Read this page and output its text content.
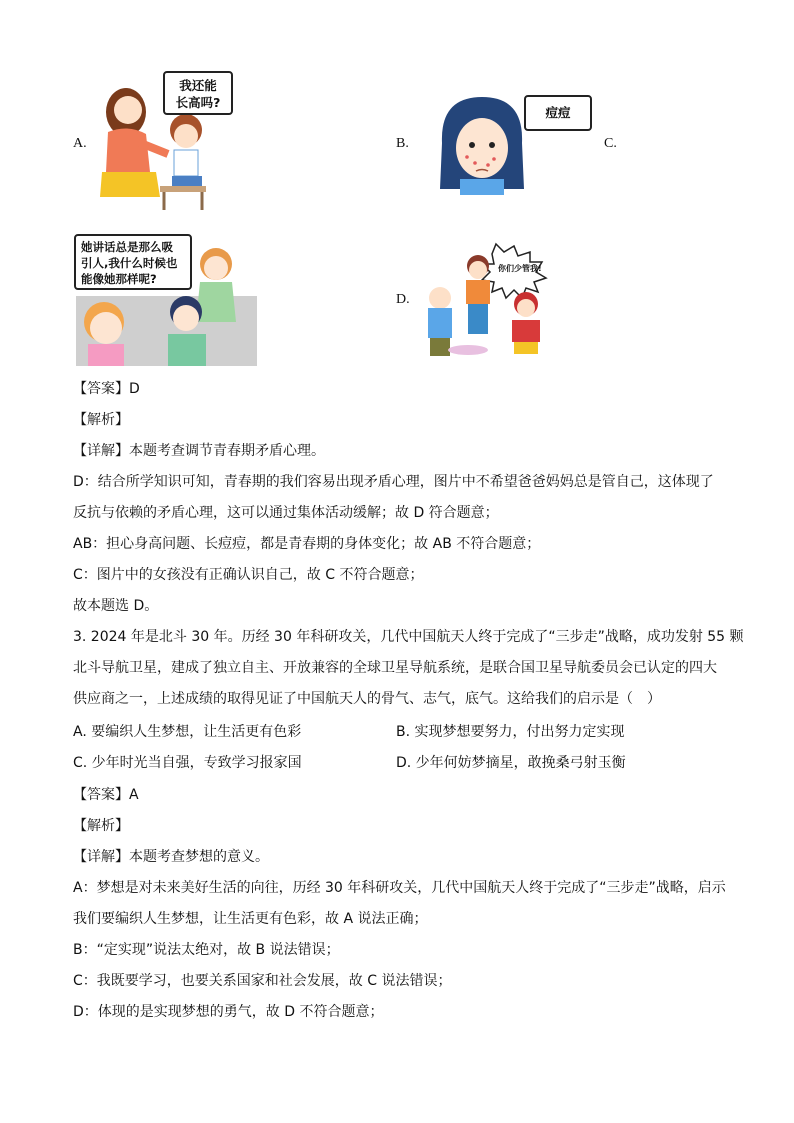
A.	B.	C.
我还能
长高吗?
痘痘
她讲话总是那么吸
引人,我什么时候也
能像她那样呢?
D.
你们少管我!
【答案】D
【解析】
【详解】本题考查调节青春期矛盾心理。
D：结合所学知识可知，青春期的我们容易出现矛盾心理，图片中不希望爸爸妈妈总是管自己，这体现了
反抗与依赖的矛盾心理，这可以通过集体活动缓解；故 D 符合题意；
AB：担心身高问题、长痘痘，都是青春期的身体变化；故 AB 不符合题意；
C：图片中的女孩没有正确认识自己，故 C 不符合题意；
故本题选 D。
3. 2024 年是北斗 30 年。历经 30 年科研攻关，几代中国航天人终于完成了“三步走”战略，成功发射 55 颗
北斗导航卫星，建成了独立自主、开放兼容的全球卫星导航系统，是联合国卫星导航委员会已认定的四大
供应商之一，上述成绩的取得见证了中国航天人的骨气、志气，底气。这给我们的启示是（　）
A. 要编织人生梦想，让生活更有色彩	B. 实现梦想要努力，付出努力定实现
C. 少年时光当自强，专致学习报家国	D. 少年何妨梦摘星，敢挽桑弓射玉衡
【答案】A
【解析】
【详解】本题考查梦想的意义。
A：梦想是对未来美好生活的向往，历经 30 年科研攻关，几代中国航天人终于完成了“三步走”战略，启示
我们要编织人生梦想，让生活更有色彩，故 A 说法正确；
B：“定实现”说法太绝对，故 B 说法错误；
C：我既要学习，也要关系国家和社会发展，故 C 说法错误；
D：体现的是实现梦想的勇气，故 D 不符合题意；
